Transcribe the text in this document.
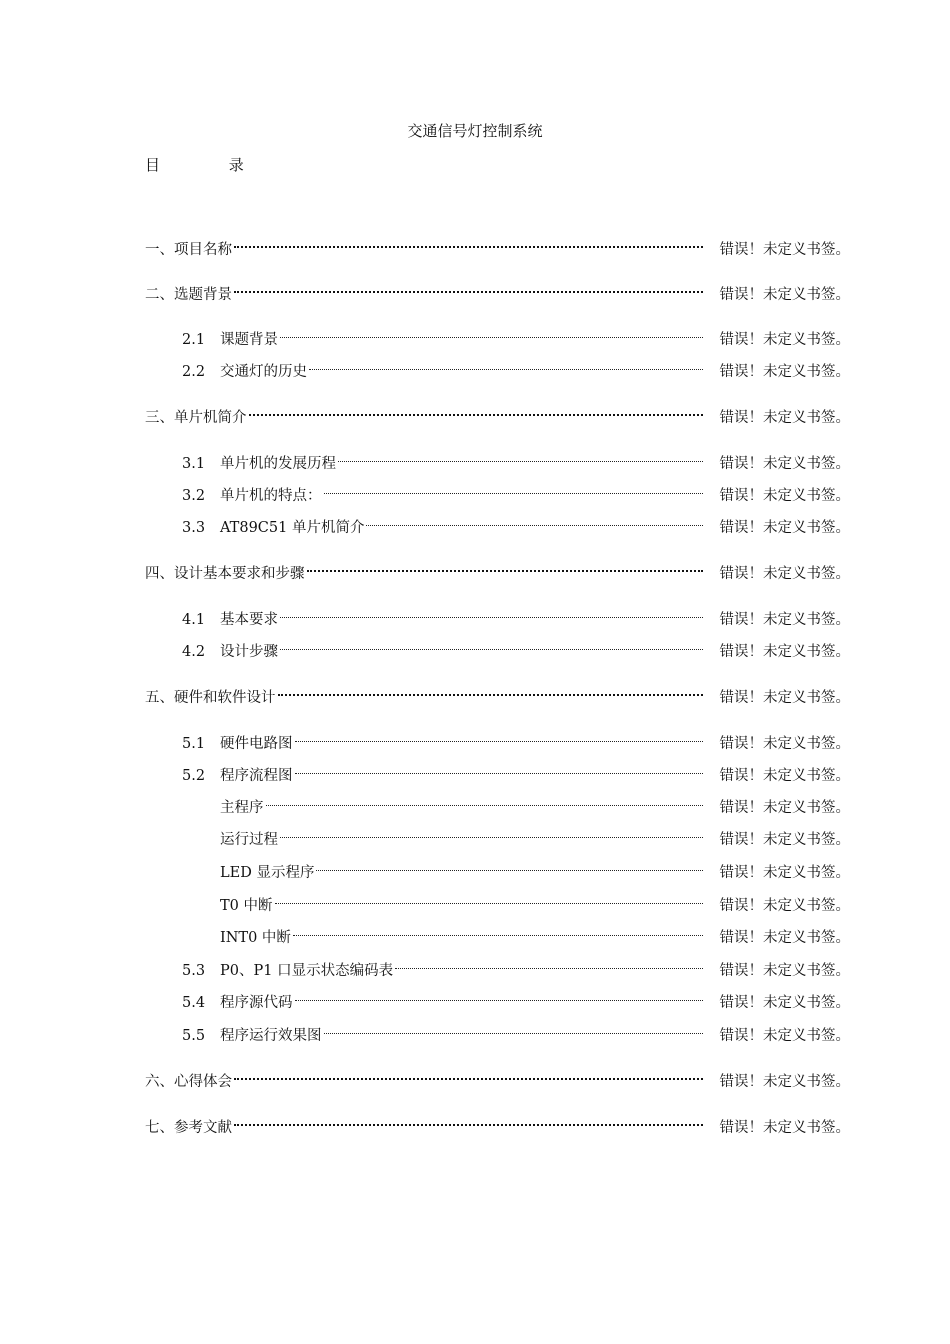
交通信号灯控制系统
目 录
一、项目名称	错误！未定义书签。
二、选题背景	错误！未定义书签。
2.1	课题背景	错误！未定义书签。
2.2	交通灯的历史	错误！未定义书签。
三、单片机简介	错误！未定义书签。
3.1	单片机的发展历程	错误！未定义书签。
3.2	单片机的特点：	错误！未定义书签。
3.3	AT89C51 单片机简介	错误！未定义书签。
四、设计基本要求和步骤	错误！未定义书签。
4.1	基本要求	错误！未定义书签。
4.2	设计步骤	错误！未定义书签。
五、硬件和软件设计	错误！未定义书签。
5.1	硬件电路图	错误！未定义书签。
5.2	程序流程图	错误！未定义书签。
主程序	错误！未定义书签。
运行过程	错误！未定义书签。
LED 显示程序	错误！未定义书签。
T0 中断	错误！未定义书签。
INT0 中断	错误！未定义书签。
5.3	P0、P1 口显示状态编码表	错误！未定义书签。
5.4	程序源代码	错误！未定义书签。
5.5	程序运行效果图	错误！未定义书签。
六、心得体会	错误！未定义书签。
七、参考文献	错误！未定义书签。
